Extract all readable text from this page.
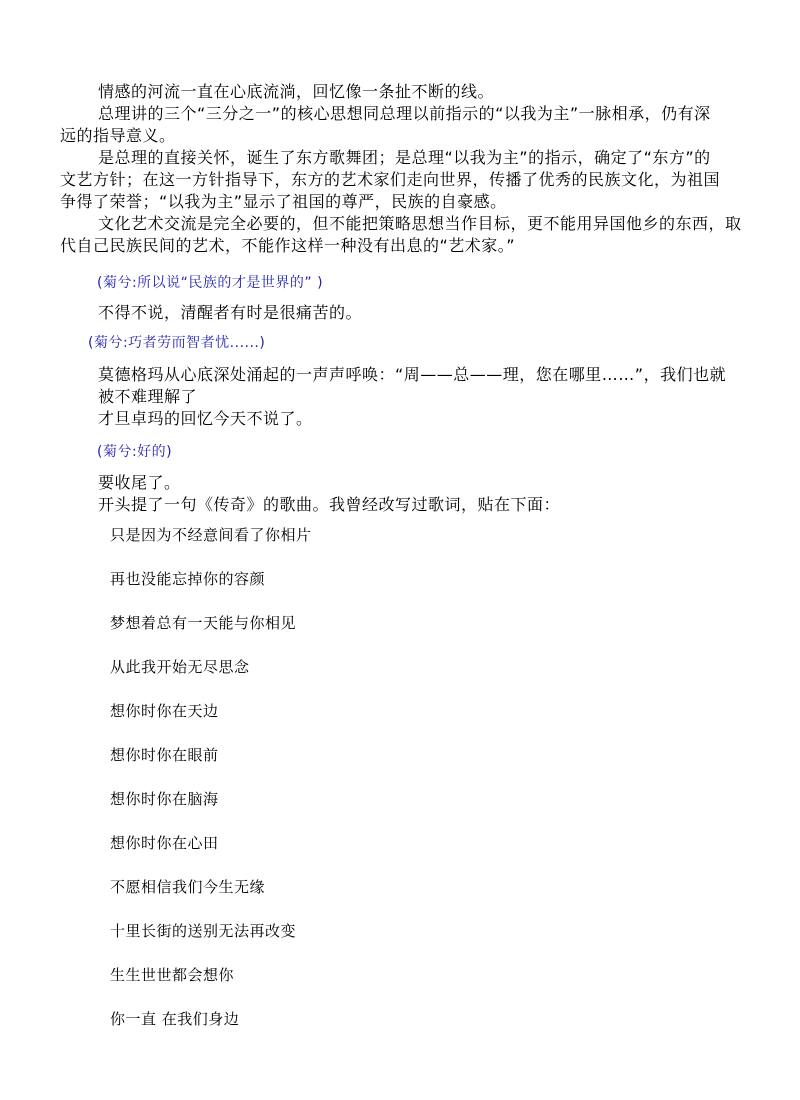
情感的河流一直在心底流淌，回忆像一条扯不断的线。

总理讲的三个“三分之一”的核心思想同总理以前指示的“以我为主”一脉相承，仍有深

远的指导意义。

是总理的直接关怀，诞生了东方歌舞团；是总理“以我为主”的指示，确定了“东方”的

文艺方针；在这一方针指导下，东方的艺术家们走向世界，传播了优秀的民族文化，为祖国

争得了荣誉；“以我为主”显示了祖国的尊严，民族的自豪感。

文化艺术交流是完全必要的，但不能把策略思想当作目标，更不能用异国他乡的东西，取

代自己民族民间的艺术，不能作这样一种没有出息的“艺术家。”

(菊兮:所以说“民族的才是世界的” )

不得不说，清醒者有时是很痛苦的。

(菊兮:巧者劳而智者忧......)

莫德格玛从心底深处涌起的一声声呼唤：“周——总——理，您在哪里……”，我们也就

被不难理解了

才旦卓玛的回忆今天不说了。

(菊兮:好的)

要收尾了。

开头提了一句《传奇》的歌曲。我曾经改写过歌词，贴在下面：

只是因为不经意间看了你相片

再也没能忘掉你的容颜

梦想着总有一天能与你相见

从此我开始无尽思念

想你时你在天边

想你时你在眼前

想你时你在脑海

想你时你在心田

不愿相信我们今生无缘

十里长街的送别无法再改变

生生世世都会想你

你一直 在我们身边
